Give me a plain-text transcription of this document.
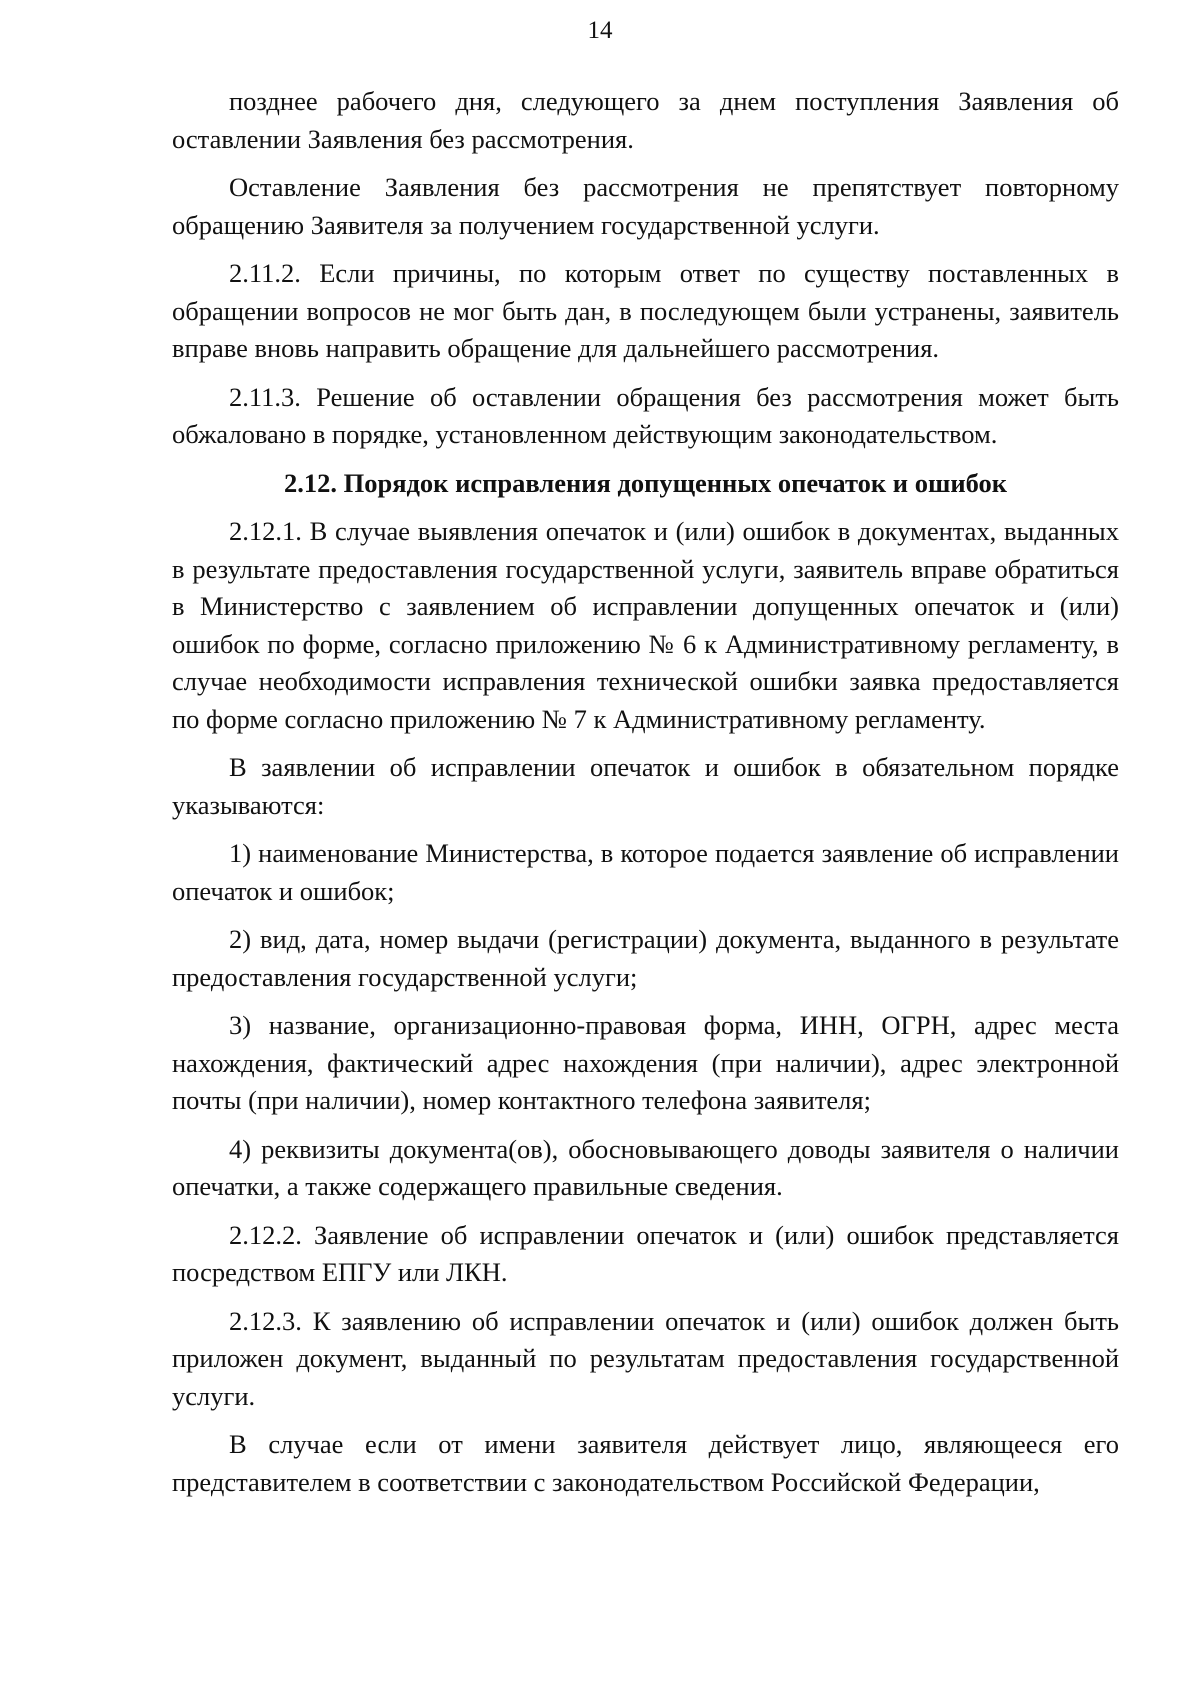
14

позднее рабочего дня, следующего за днем поступления Заявления об оставлении Заявления без рассмотрения.

Оставление Заявления без рассмотрения не препятствует повторному обращению Заявителя за получением государственной услуги.

2.11.2. Если причины, по которым ответ по существу поставленных в обращении вопросов не мог быть дан, в последующем были устранены, заявитель вправе вновь направить обращение для дальнейшего рассмотрения.

2.11.3. Решение об оставлении обращения без рассмотрения может быть обжаловано в порядке, установленном действующим законодательством.

2.12. Порядок исправления допущенных опечаток и ошибок

2.12.1. В случае выявления опечаток и (или) ошибок в документах, выданных в результате предоставления государственной услуги, заявитель вправе обратиться в Министерство с заявлением об исправлении допущенных опечаток и (или) ошибок по форме, согласно приложению № 6 к Административному регламенту, в случае необходимости исправления технической ошибки заявка предоставляется по форме согласно приложению № 7 к Административному регламенту.

В заявлении об исправлении опечаток и ошибок в обязательном порядке указываются:

1) наименование Министерства, в которое подается заявление об исправлении опечаток и ошибок;

2) вид, дата, номер выдачи (регистрации) документа, выданного в результате предоставления государственной услуги;

3) название, организационно-правовая форма, ИНН, ОГРН, адрес места нахождения, фактический адрес нахождения (при наличии), адрес электронной почты (при наличии), номер контактного телефона заявителя;

4) реквизиты документа(ов), обосновывающего доводы заявителя о наличии опечатки, а также содержащего правильные сведения.

2.12.2. Заявление об исправлении опечаток и (или) ошибок представляется посредством ЕПГУ или ЛКН.

2.12.3. К заявлению об исправлении опечаток и (или) ошибок должен быть приложен документ, выданный по результатам предоставления государственной услуги.

В случае если от имени заявителя действует лицо, являющееся его представителем в соответствии с законодательством Российской Федерации,
